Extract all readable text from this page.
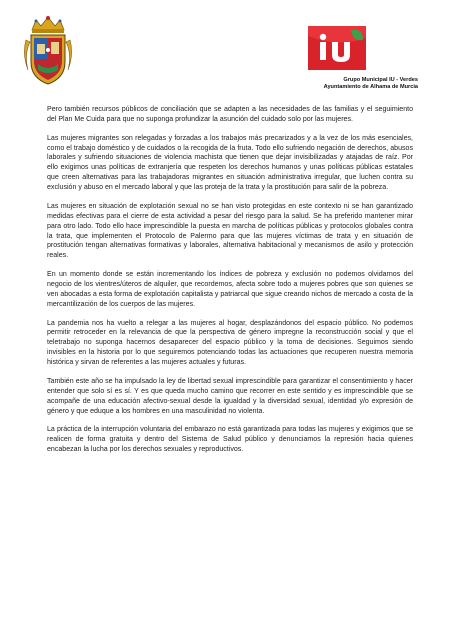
Grupo Municipal IU - Verdes
Ayuntamiento de Alhama de Murcia

Pero también recursos públicos de conciliación que se adapten a las necesidades de las familias y el seguimiento del Plan Me Cuida para que no suponga profundizar la asunción del cuidado solo por las mujeres.

Las mujeres migrantes son relegadas y forzadas a los trabajos más precarizados y a la vez de los más esenciales, como el trabajo doméstico y de cuidados o la recogida de la fruta. Todo ello sufriendo negación de derechos, abusos laborales y sufriendo situaciones de violencia machista que tienen que dejar invisibilizadas y atajadas de raíz. Por ello exigimos unas políticas de extranjería que respeten los derechos humanos y unas políticas públicas estatales que creen alternativas para las trabajadoras migrantes en situación administrativa irregular, que luchen contra su exclusión y abuso en el mercado laboral y que las proteja de la trata y la prostitución para salir de la pobreza.

Las mujeres en situación de explotación sexual no se han visto protegidas en este contexto ni se han garantizado medidas efectivas para el cierre de esta actividad a pesar del riesgo para la salud. Se ha preferido mantener mirar para otro lado. Todo ello hace imprescindible la puesta en marcha de políticas públicas y protocolos globales contra la trata, que implementen el Protocolo de Palermo para que las mujeres víctimas de trata y en situación de prostitución tengan alternativas formativas y laborales, alternativa habitacional y mecanismos de asilo y protección reales.

En un momento donde se están incrementando los índices de pobreza y exclusión no podemos olvidarnos del negocio de los vientres/úteros de alquiler, que recordemos, afecta sobre todo a mujeres pobres que son quienes se ven abocadas a esta forma de explotación capitalista y patriarcal que sigue creando nichos de mercado a costa de la mercantilización de los cuerpos de las mujeres.

La pandemia nos ha vuelto a relegar a las mujeres al hogar, desplazándonos del espacio público. No podemos permitir retroceder en la relevancia de que la perspectiva de género impregne la reconstrucción social y que el teletrabajo no suponga hacernos desaparecer del espacio público y la toma de decisiones. Seguimos siendo invisibles en la historia por lo que seguiremos potenciando todas las actuaciones que recuperen nuestra memoria histórica y sirvan de referentes a las mujeres actuales y futuras.

También este año se ha impulsado la ley de libertad sexual imprescindible para garantizar el consentimiento y hacer entender que solo sí es sí. Y es que queda mucho camino que recorrer en este sentido y es imprescindible que se acompañe de una educación afectivo-sexual desde la igualdad y la diversidad sexual, identidad y/o expresión de género y que eduque a los hombres en una masculinidad no violenta.

La práctica de la interrupción voluntaria del embarazo no está garantizada para todas las mujeres y exigimos que se realicen de forma gratuita y dentro del Sistema de Salud público y denunciamos la represión hacia quienes encabezan la lucha por los derechos sexuales y reproductivos.
